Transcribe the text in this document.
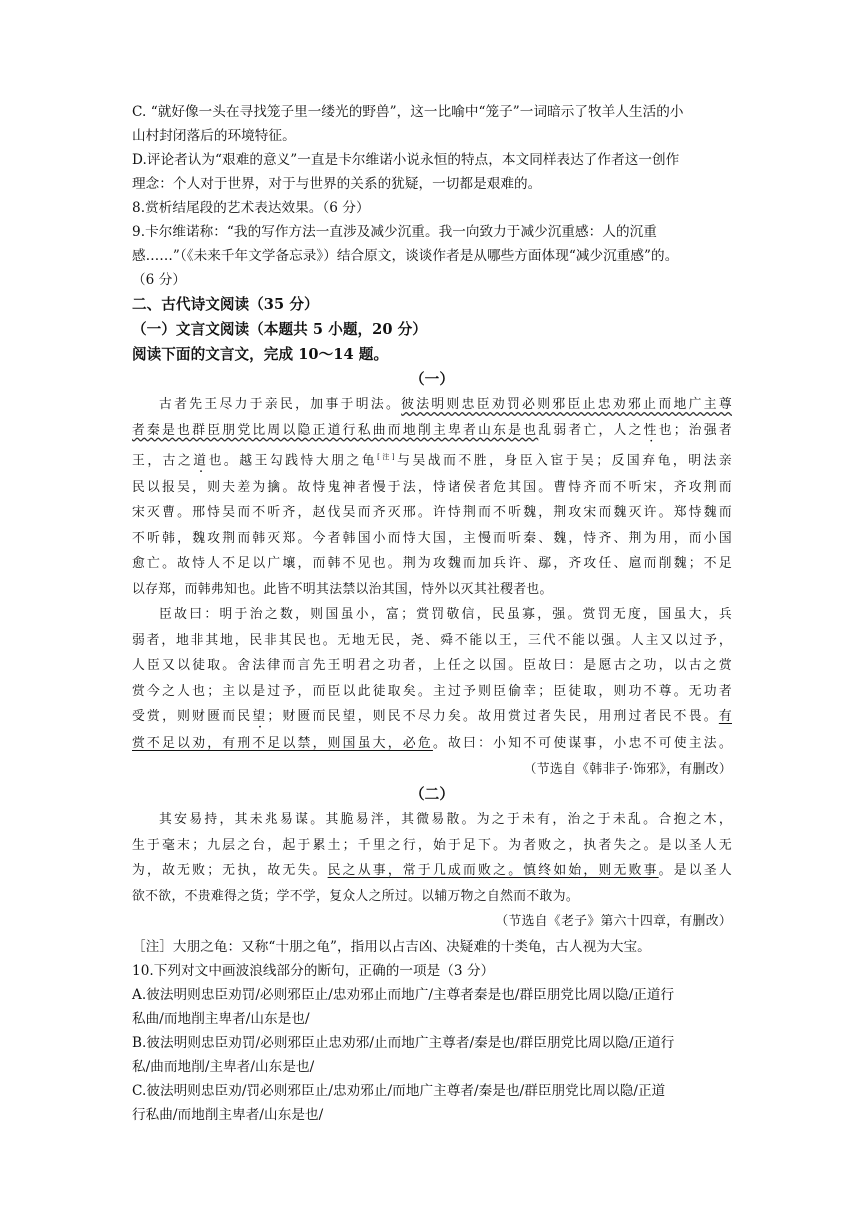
C. “就好像一头在寻找笼子里一缕光的野兽”，这一比喻中“笼子”一词暗示了牧羊人生活的小
山村封闭落后的环境特征。
D.评论者认为“艰难的意义”一直是卡尔维诺小说永恒的特点，本文同样表达了作者这一创作
理念：个人对于世界，对于与世界的关系的犹疑，一切都是艰难的。
8.赏析结尾段的艺术表达效果。（6 分）
9.卡尔维诺称：“我的写作方法一直涉及减少沉重。我一向致力于减少沉重感：人的沉重
感……”（《未来千年文学备忘录》）结合原文，谈谈作者是从哪些方面体现“减少沉重感”的。
（6 分）
二、古代诗文阅读（35 分）
（一）文言文阅读（本题共 5 小题，20 分）
阅读下面的文言文，完成 10～14 题。
（一）
古者先王尽力于亲民，加事于明法。彼法明则忠臣劝罚必则邪臣止忠劝邪止而地广主尊
者秦是也群臣朋党比周以隐正道行私曲而地削主卑者山东是也乱弱者亡，人之性也；治强者
王，古之道也。越王勾践恃大朋之龟[注]与吴战而不胜，身臣入宦于吴；反国弃龟，明法亲
民以报吴，则夫差为擒。故恃鬼神者慢于法，恃诸侯者危其国。曹恃齐而不听宋，齐攻荆而
宋灭曹。邢恃吴而不听齐，赵伐吴而齐灭邢。许恃荆而不听魏，荆攻宋而魏灭许。郑恃魏而
不听韩，魏攻荆而韩灭郑。今者韩国小而恃大国，主慢而听秦、魏，恃齐、荆为用，而小国
愈亡。故恃人不足以广壤，而韩不见也。荆为攻魏而加兵许、鄢，齐攻任、扈而削魏；不足
以存郑，而韩弗知也。此皆不明其法禁以治其国，恃外以灭其社稷者也。
臣故曰：明于治之数，则国虽小，富；赏罚敬信，民虽寡，强。赏罚无度，国虽大，兵
弱者，地非其地，民非其民也。无地无民，尧、舜不能以王，三代不能以强。人主又以过予，
人臣又以徒取。舍法律而言先王明君之功者，上任之以国。臣故曰：是愿古之功，以古之赏
赏今之人也；主以是过予，而臣以此徒取矣。主过予则臣偷幸；臣徒取，则功不尊。无功者
受赏，则财匮而民望；财匮而民望，则民不尽力矣。故用赏过者失民，用刑过者民不畏。有
赏不足以劝，有刑不足以禁，则国虽大，必危。故曰：小知不可使谋事，小忠不可使主法。
（节选自《韩非子·饰邪》，有删改）
（二）
其安易持，其未兆易谋。其脆易泮，其微易散。为之于未有，治之于未乱。合抱之木，
生于毫末；九层之台，起于累土；千里之行，始于足下。为者败之，执者失之。是以圣人无
为，故无败；无执，故无失。民之从事，常于几成而败之。慎终如始，则无败事。是以圣人
欲不欲，不贵难得之货；学不学，复众人之所过。以辅万物之自然而不敢为。
（节选自《老子》第六十四章，有删改）
［注］大朋之龟：又称“十朋之龟”，指用以占吉凶、决疑难的十类龟，古人视为大宝。
10.下列对文中画波浪线部分的断句，正确的一项是（3 分）
A.彼法明则忠臣劝罚/必则邪臣止/忠劝邪止而地广/主尊者秦是也/群臣朋党比周以隐/正道行
私曲/而地削主卑者/山东是也/
B.彼法明则忠臣劝罚/必则邪臣止忠劝邪/止而地广主尊者/秦是也/群臣朋党比周以隐/正道行
私/曲而地削/主卑者/山东是也/
C.彼法明则忠臣劝/罚必则邪臣止/忠劝邪止/而地广主尊者/秦是也/群臣朋党比周以隐/正道
行私曲/而地削主卑者/山东是也/
